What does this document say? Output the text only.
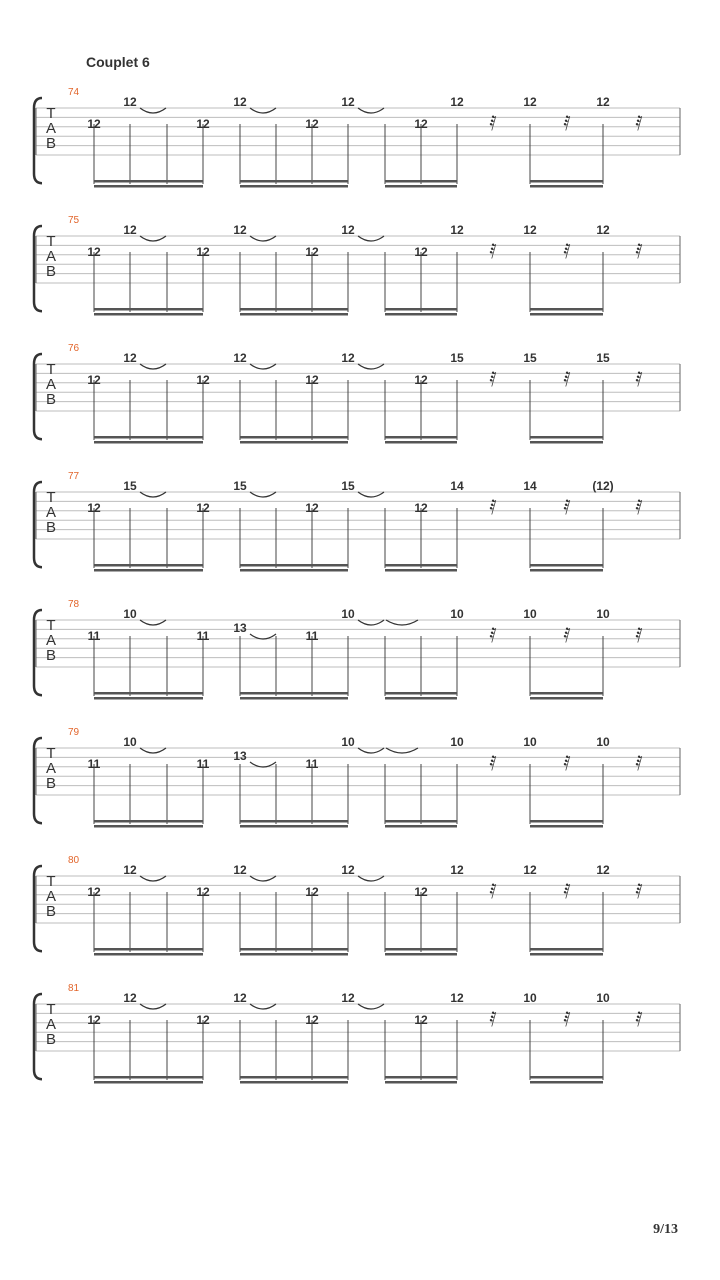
Couplet 6
74
T
A
B
12	12	12
12	12	12	12
12	12	12
𝅀	𝅀	𝅀
75
T
A
B
12	12	12
12	12	12	12
12	12	12
𝅀	𝅀	𝅀
76
T
A
B
12	12	12
12	12	12	12
15	15	15
𝅀	𝅀	𝅀
77
T
A
B
15	15	15
12	12	12	12
14	14	(12)
𝅀	𝅀	𝅀
78
T
A
B
10
13
10
11	11	11
10	10	10
𝅀	𝅀	𝅀
79
T
A
B
10
13
10
11	11	11
10	10	10
𝅀	𝅀	𝅀
80
T
A
B
12	12	12
12	12	12	12
12	12	12
𝅀	𝅀	𝅀
81
T
A
B
12	12	12
12	12	12	12
12	10	10
𝅀	𝅀	𝅀
9/13
